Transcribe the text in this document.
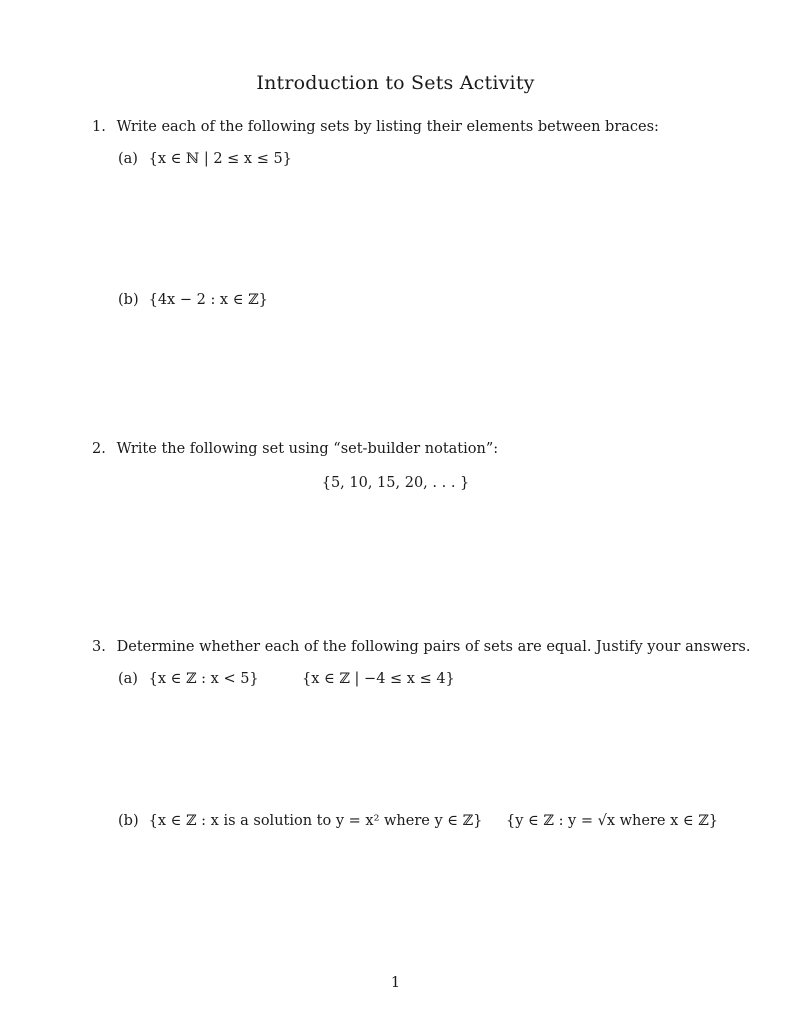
Introduction to Sets Activity
1. Write each of the following sets by listing their elements between braces:
(a) {x ∈ ℕ | 2 ≤ x ≤ 5}
(b) {4x − 2 : x ∈ ℤ}
2. Write the following set using “set-builder notation”:
{5, 10, 15, 20, . . . }
3. Determine whether each of the following pairs of sets are equal. Justify your answers.
(a) {x ∈ ℤ : x < 5}	{x ∈ ℤ | −4 ≤ x ≤ 4}
(b) {x ∈ ℤ : x is a solution to y = x² where y ∈ ℤ} {y ∈ ℤ : y = √x where x ∈ ℤ}
1
